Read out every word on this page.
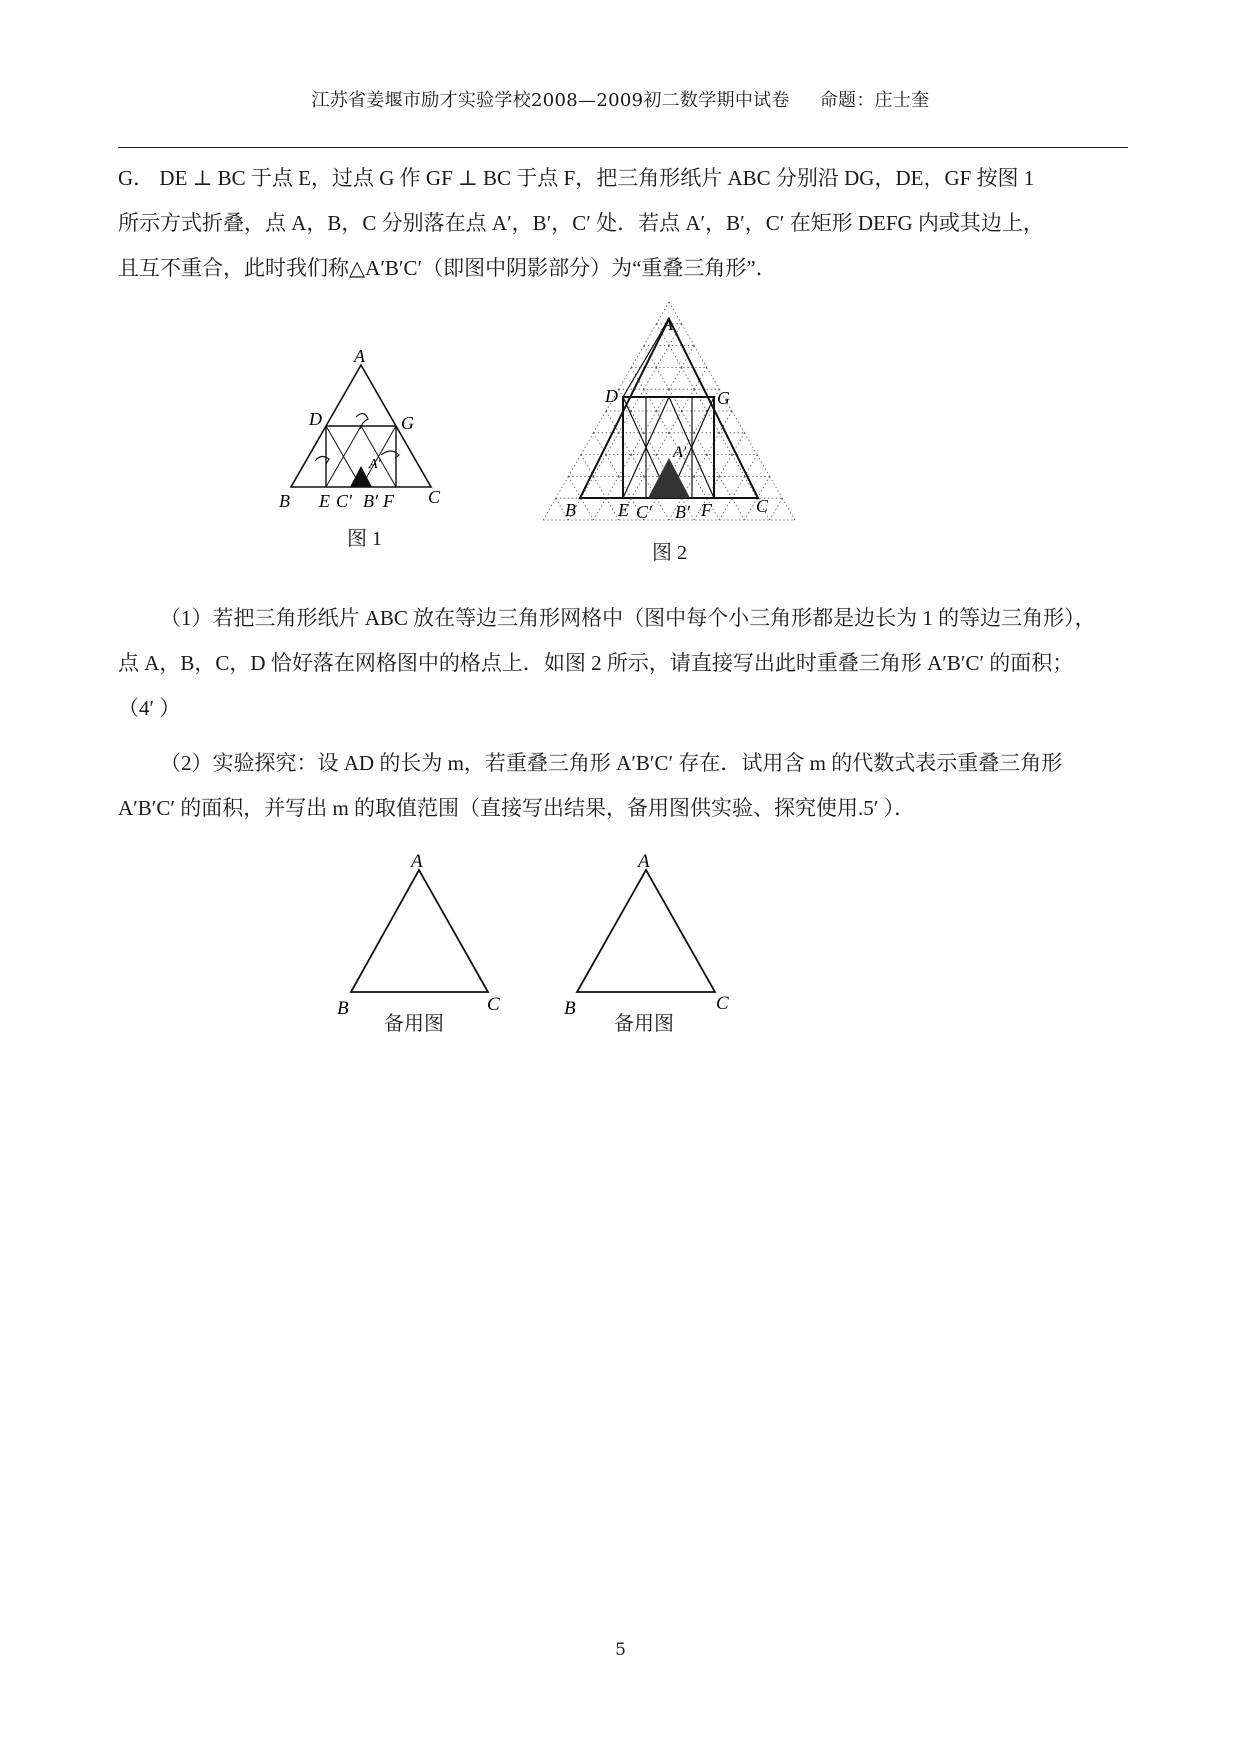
江苏省姜堰市励才实验学校2008—2009初二数学期中试卷 命题：庄士奎

G． DE ⊥ BC 于点 E，过点 G 作 GF ⊥ BC 于点 F，把三角形纸片 ABC 分别沿 DG，DE，GF 按图 1

所示方式折叠，点 A，B，C 分别落在点 A′，B′，C′ 处．若点 A′，B′，C′ 在矩形 DEFG 内或其边上，

且互不重合，此时我们称△A′B′C′（即图中阴影部分）为“重叠三角形”．

A
D	G
A′
B	C
E C′ B′ F
图 1
A
D	G
A′
B	C
E C′ B′ F
图 2

（1）若把三角形纸片 ABC 放在等边三角形网格中（图中每个小三角形都是边长为 1 的等边三角形），

点 A，B，C，D 恰好落在网格图中的格点上．如图 2 所示，请直接写出此时重叠三角形 A′B′C′ 的面积；

（4′ ）

（2）实验探究：设 AD 的长为 m，若重叠三角形 A′B′C′ 存在．试用含 m 的代数式表示重叠三角形

A′B′C′ 的面积，并写出 m 的取值范围（直接写出结果，备用图供实验、探究使用.5′ ）．

A
B	C
备用图
A
B	C
备用图
5
